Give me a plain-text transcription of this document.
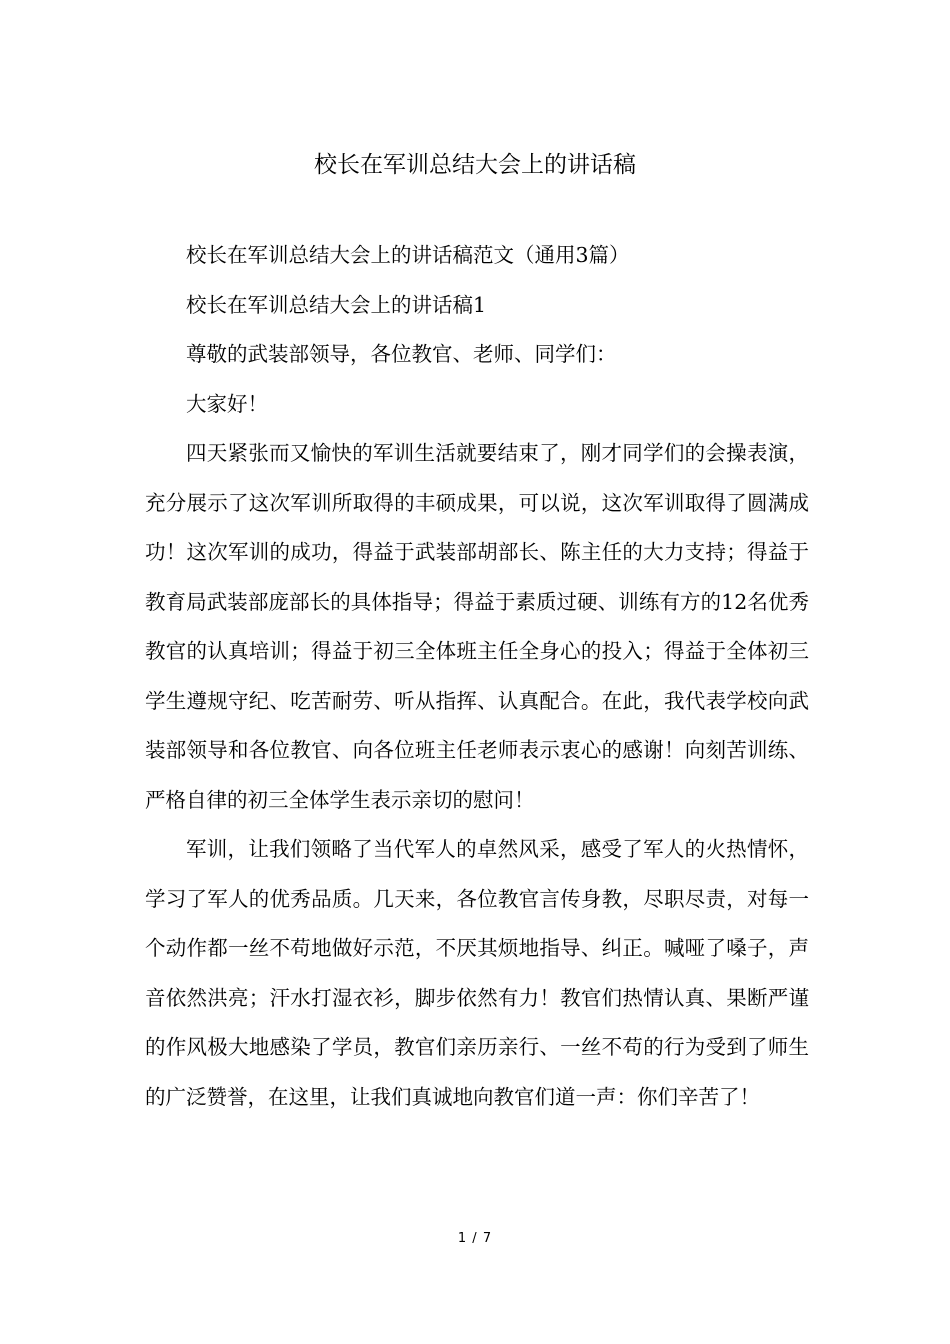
校长在军训总结大会上的讲话稿

校长在军训总结大会上的讲话稿范文（通用3篇）

校长在军训总结大会上的讲话稿1

尊敬的武装部领导，各位教官、老师、同学们：

大家好！

四天紧张而又愉快的军训生活就要结束了，刚才同学们的会操表演，充分展示了这次军训所取得的丰硕成果，可以说，这次军训取得了圆满成功！这次军训的成功，得益于武装部胡部长、陈主任的大力支持；得益于教育局武装部庞部长的具体指导；得益于素质过硬、训练有方的12名优秀教官的认真培训；得益于初三全体班主任全身心的投入；得益于全体初三学生遵规守纪、吃苦耐劳、听从指挥、认真配合。在此，我代表学校向武装部领导和各位教官、向各位班主任老师表示衷心的感谢！向刻苦训练、严格自律的初三全体学生表示亲切的慰问！

军训，让我们领略了当代军人的卓然风采，感受了军人的火热情怀，学习了军人的优秀品质。几天来，各位教官言传身教，尽职尽责，对每一个动作都一丝不苟地做好示范，不厌其烦地指导、纠正。喊哑了嗓子，声音依然洪亮；汗水打湿衣衫，脚步依然有力！教官们热情认真、果断严谨的作风极大地感染了学员，教官们亲历亲行、一丝不苟的行为受到了师生的广泛赞誉，在这里，让我们真诚地向教官们道一声：你们辛苦了！

1 / 7
